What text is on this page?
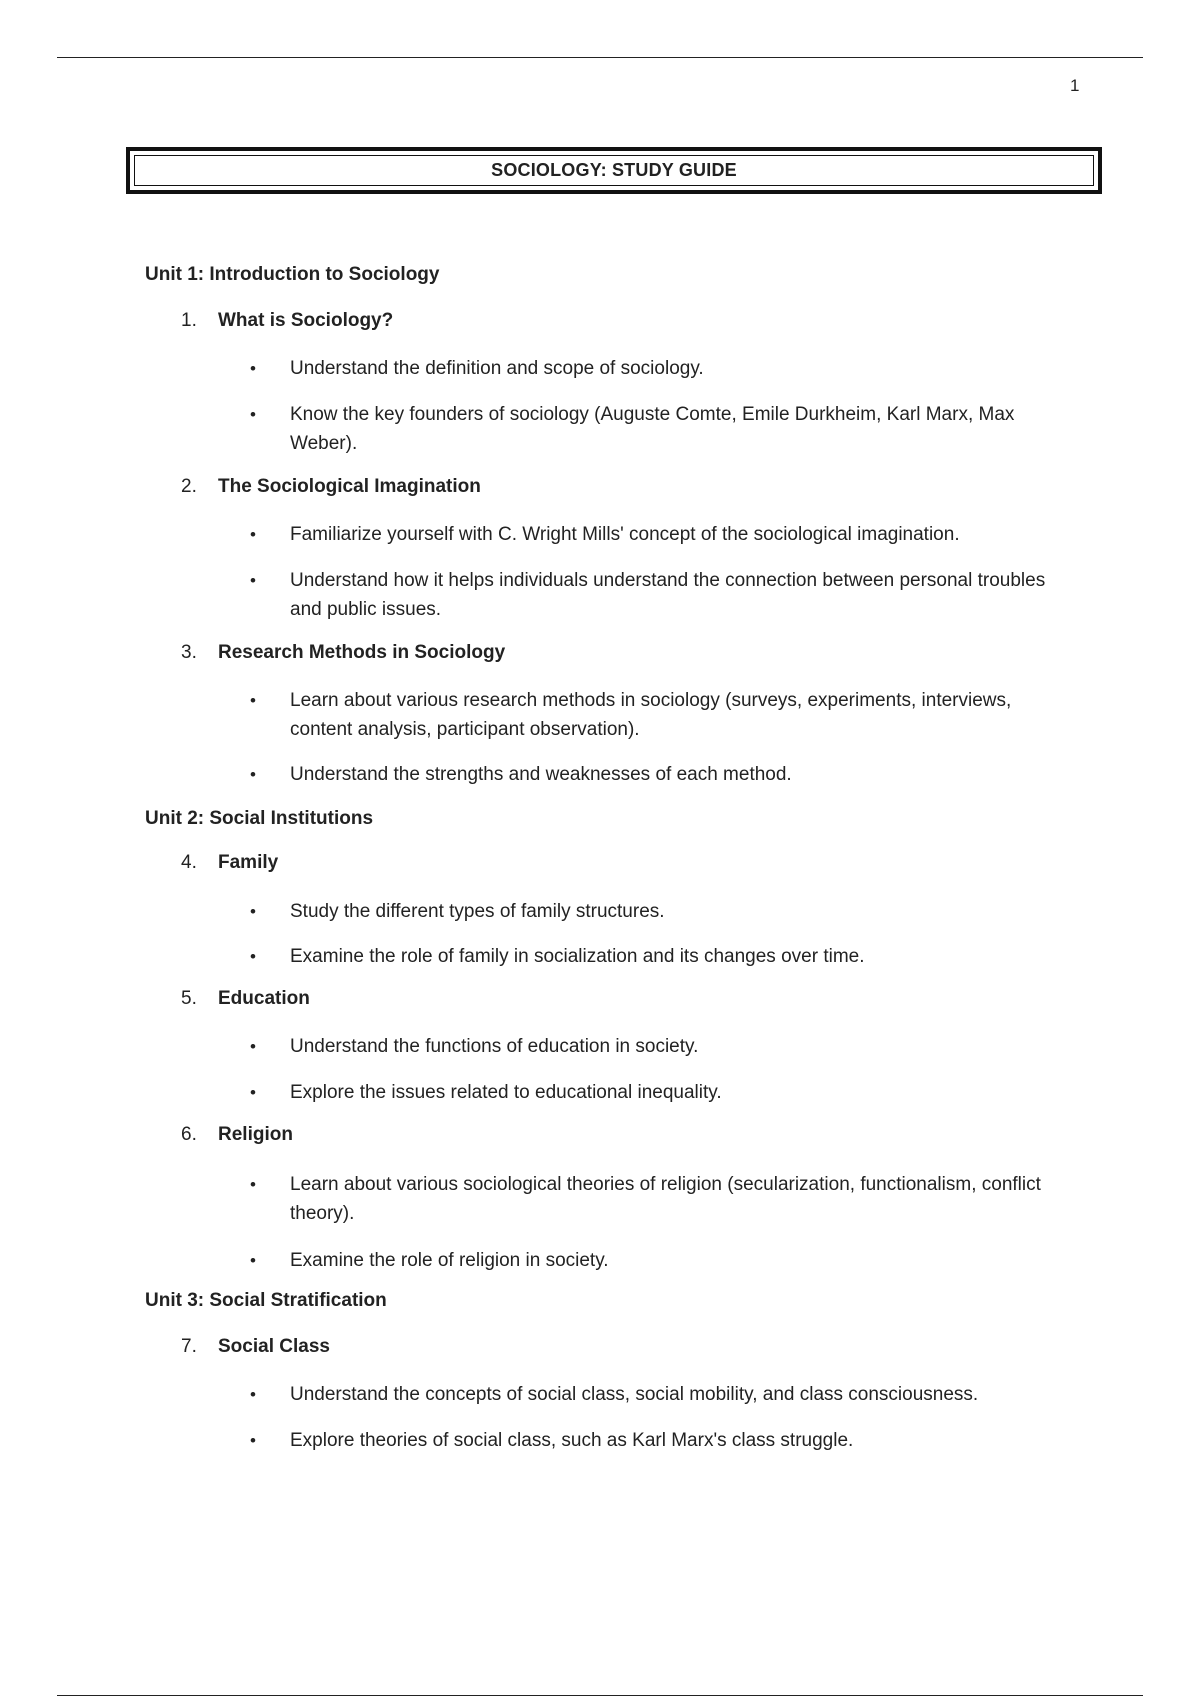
1
SOCIOLOGY: STUDY GUIDE
Unit 1: Introduction to Sociology
1. What is Sociology?
• Understand the definition and scope of sociology.
• Know the key founders of sociology (Auguste Comte, Emile Durkheim, Karl Marx, Max Weber).
2. The Sociological Imagination
• Familiarize yourself with C. Wright Mills' concept of the sociological imagination.
• Understand how it helps individuals understand the connection between personal troubles and public issues.
3. Research Methods in Sociology
• Learn about various research methods in sociology (surveys, experiments, interviews, content analysis, participant observation).
• Understand the strengths and weaknesses of each method.
Unit 2: Social Institutions
4. Family
• Study the different types of family structures.
• Examine the role of family in socialization and its changes over time.
5. Education
• Understand the functions of education in society.
• Explore the issues related to educational inequality.
6. Religion
• Learn about various sociological theories of religion (secularization, functionalism, conflict theory).
• Examine the role of religion in society.
Unit 3: Social Stratification
7. Social Class
• Understand the concepts of social class, social mobility, and class consciousness.
• Explore theories of social class, such as Karl Marx's class struggle.
